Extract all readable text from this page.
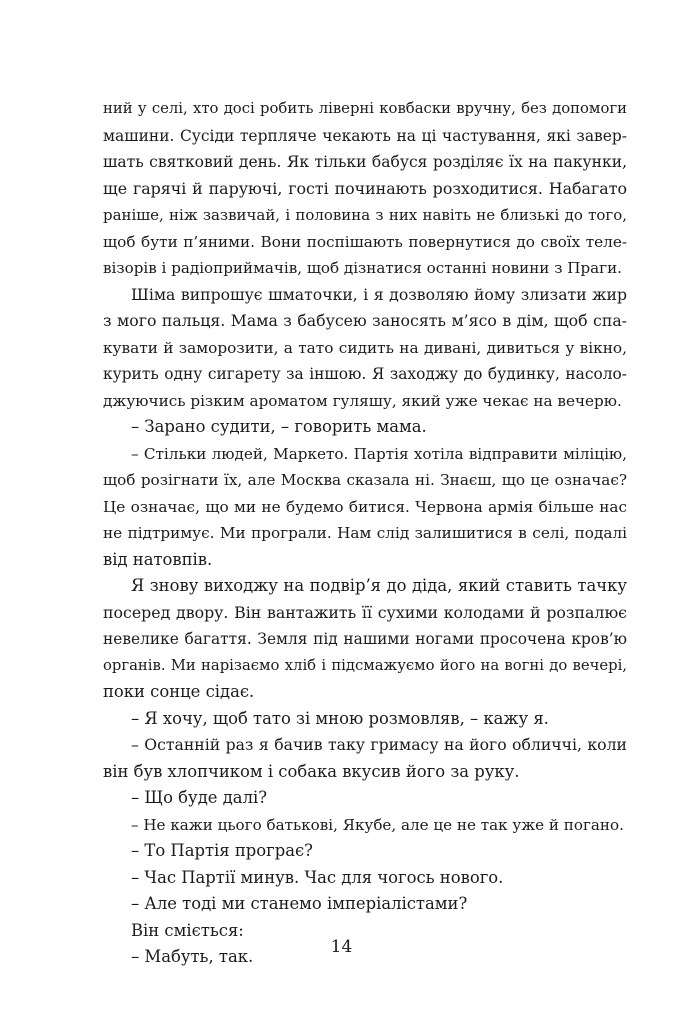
ний у селі, хто досі робить ліверні ковбаски вручну, без допомоги
машини. Сусіди терпляче чекають на ці частування, які завер-
шать святковий день. Як тільки бабуся розділяє їх на пакунки,
ще гарячі й паруючі, гості починають розходитися. Набагато
раніше, ніж зазвичай, і половина з них навіть не близькі до того,
щоб бути п’яними. Вони поспішають повернутися до своїх теле-
візорів і радіоприймачів, щоб дізнатися останні новини з Праги.
Шіма випрошує шматочки, і я дозволяю йому злизати жир
з мого пальця. Мама з бабусею заносять м’ясо в дім, щоб спа-
кувати й заморозити, а тато сидить на дивані, дивиться у вікно,
курить одну сигарету за іншою. Я заходжу до будинку, насоло-
джуючись різким ароматом гуляшу, який уже чекає на вечерю.
– Зарано судити, – говорить мама.
– Стільки людей, Маркето. Партія хотіла відправити міліцію,
щоб розігнати їх, але Москва сказала ні. Знаєш, що це означає?
Це означає, що ми не будемо битися. Червона армія більше нас
не підтримує. Ми програли. Нам слід залишитися в селі, подалі
від натовпів.
Я знову виходжу на подвір’я до діда, який ставить тачку
посеред двору. Він вантажить її сухими колодами й розпалює
невелике багаття. Земля під нашими ногами просочена кров’ю
органів. Ми нарізаємо хліб і підсмажуємо його на вогні до вечері,
поки сонце сідає.
– Я хочу, щоб тато зі мною розмовляв, – кажу я.
– Останній раз я бачив таку гримасу на його обличчі, коли
він був хлопчиком і собака вкусив його за руку.
– Що буде далі?
– Не кажи цього батькові, Якубе, але це не так уже й погано.
– То Партія програє?
– Час Партії минув. Час для чогось нового.
– Але тоді ми станемо імперіалістами?
Він сміється:
– Мабуть, так.	14
